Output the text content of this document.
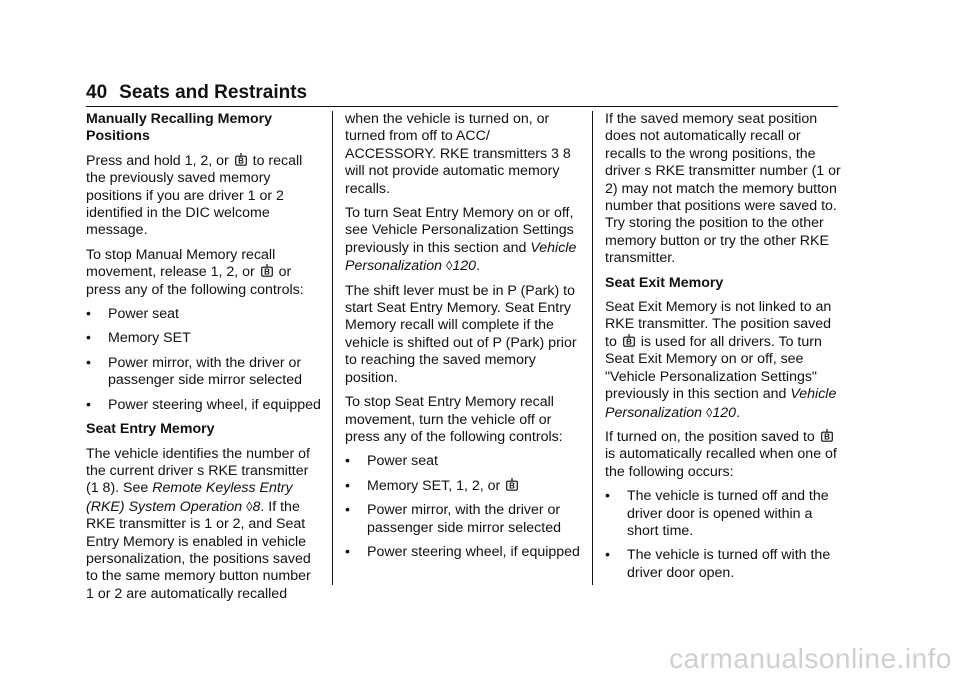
40 Seats and Restraints

Manually Recalling Memory Positions

Press and hold 1, 2, or B to recall the previously saved memory positions if you are driver 1 or 2 identified in the DIC welcome message.

To stop Manual Memory recall movement, release 1, 2, or B or press any of the following controls:

• Power seat
• Memory SET
• Power mirror, with the driver or passenger side mirror selected
• Power steering wheel, if equipped

Seat Entry Memory

The vehicle identifies the number of the current driver s RKE transmitter (1 8). See Remote Keyless Entry (RKE) System Operation ◊8. If the RKE transmitter is 1 or 2, and Seat Entry Memory is enabled in vehicle personalization, the positions saved to the same memory button number 1 or 2 are automatically recalled

when the vehicle is turned on, or turned from off to ACC/ ACCESSORY. RKE transmitters 3 8 will not provide automatic memory recalls.

To turn Seat Entry Memory on or off, see Vehicle Personalization Settings previously in this section and Vehicle Personalization ◊120.

The shift lever must be in P (Park) to start Seat Entry Memory. Seat Entry Memory recall will complete if the vehicle is shifted out of P (Park) prior to reaching the saved memory position.

To stop Seat Entry Memory recall movement, turn the vehicle off or press any of the following controls:

• Power seat
• Memory SET, 1, 2, or B
• Power mirror, with the driver or passenger side mirror selected
• Power steering wheel, if equipped

If the saved memory seat position does not automatically recall or recalls to the wrong positions, the driver s RKE transmitter number (1 or 2) may not match the memory button number that positions were saved to. Try storing the position to the other memory button or try the other RKE transmitter.

Seat Exit Memory

Seat Exit Memory is not linked to an RKE transmitter. The position saved to B is used for all drivers. To turn Seat Exit Memory on or off, see "Vehicle Personalization Settings" previously in this section and Vehicle Personalization ◊120.

If turned on, the position saved to B
is automatically recalled when one of the following occurs:

• The vehicle is turned off and the driver door is opened within a short time.
• The vehicle is turned off with the driver door open.
carmanualsonline.info
